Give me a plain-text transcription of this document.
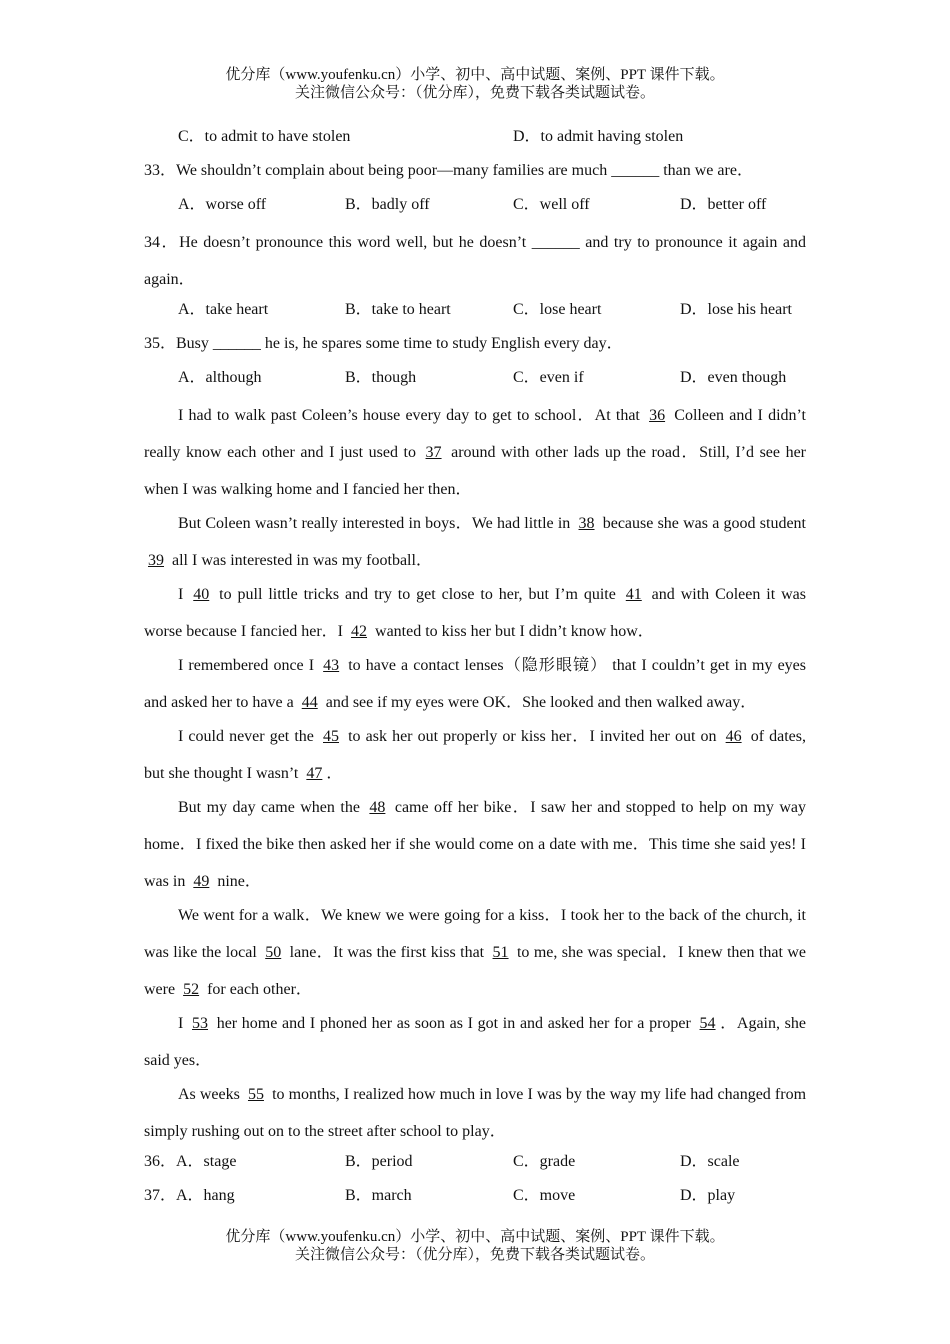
优分库（www.youfenku.cn）小学、初中、高中试题、案例、PPT 课件下载。
关注微信公众号：（优分库），免费下载各类试题试卷。
C．to admit to have stolen	D．to admit having stolen
33．We shouldn’t complain about being poor—many families are much ______ than we are．
A．worse off	B．badly off	C．well off	D．better off
34．He doesn’t pronounce this word well, but he doesn’t ______ and try to pronounce it again and again．
A．take heart	B．take to heart	C．lose heart	D．lose his heart
35．Busy ______ he is, he spares some time to study English every day．
A．although	B．though	C．even if	D．even though

I had to walk past Coleen’s house every day to get to school．At that 36 Colleen and I didn’t really know each other and I just used to 37 around with other lads up the road．Still, I’d see her when I was walking home and I fancied her then．

But Coleen wasn’t really interested in boys．We had little in 38 because she was a good student 39 all I was interested in was my football．

I 40 to pull little tricks and try to get close to her, but I’m quite 41 and with Coleen it was worse because I fancied her．I 42 wanted to kiss her but I didn’t know how．

I remembered once I 43 to have a contact lenses（隐形眼镜） that I couldn’t get in my eyes and asked her to have a 44 and see if my eyes were OK．She looked and then walked away．

I could never get the 45 to ask her out properly or kiss her．I invited her out on 46 of dates, but she thought I wasn’t 47 ．

But my day came when the 48 came off her bike．I saw her and stopped to help on my way home．I fixed the bike then asked her if she would come on a date with me．This time she said yes! I was in 49 nine．

We went for a walk．We knew we were going for a kiss．I took her to the back of the church, it was like the local 50 lane．It was the first kiss that 51 to me, she was special．I knew then that we were 52 for each other．

I 53 her home and I phoned her as soon as I got in and asked her for a proper 54 ．Again, she said yes．

As weeks 55 to months, I realized how much in love I was by the way my life had changed from simply rushing out on to the street after school to play．

36．A．stage	B．period	C．grade	D．scale
37．A．hang	B．march	C．move	D．play
优分库（www.youfenku.cn）小学、初中、高中试题、案例、PPT 课件下载。
关注微信公众号：（优分库），免费下载各类试题试卷。
